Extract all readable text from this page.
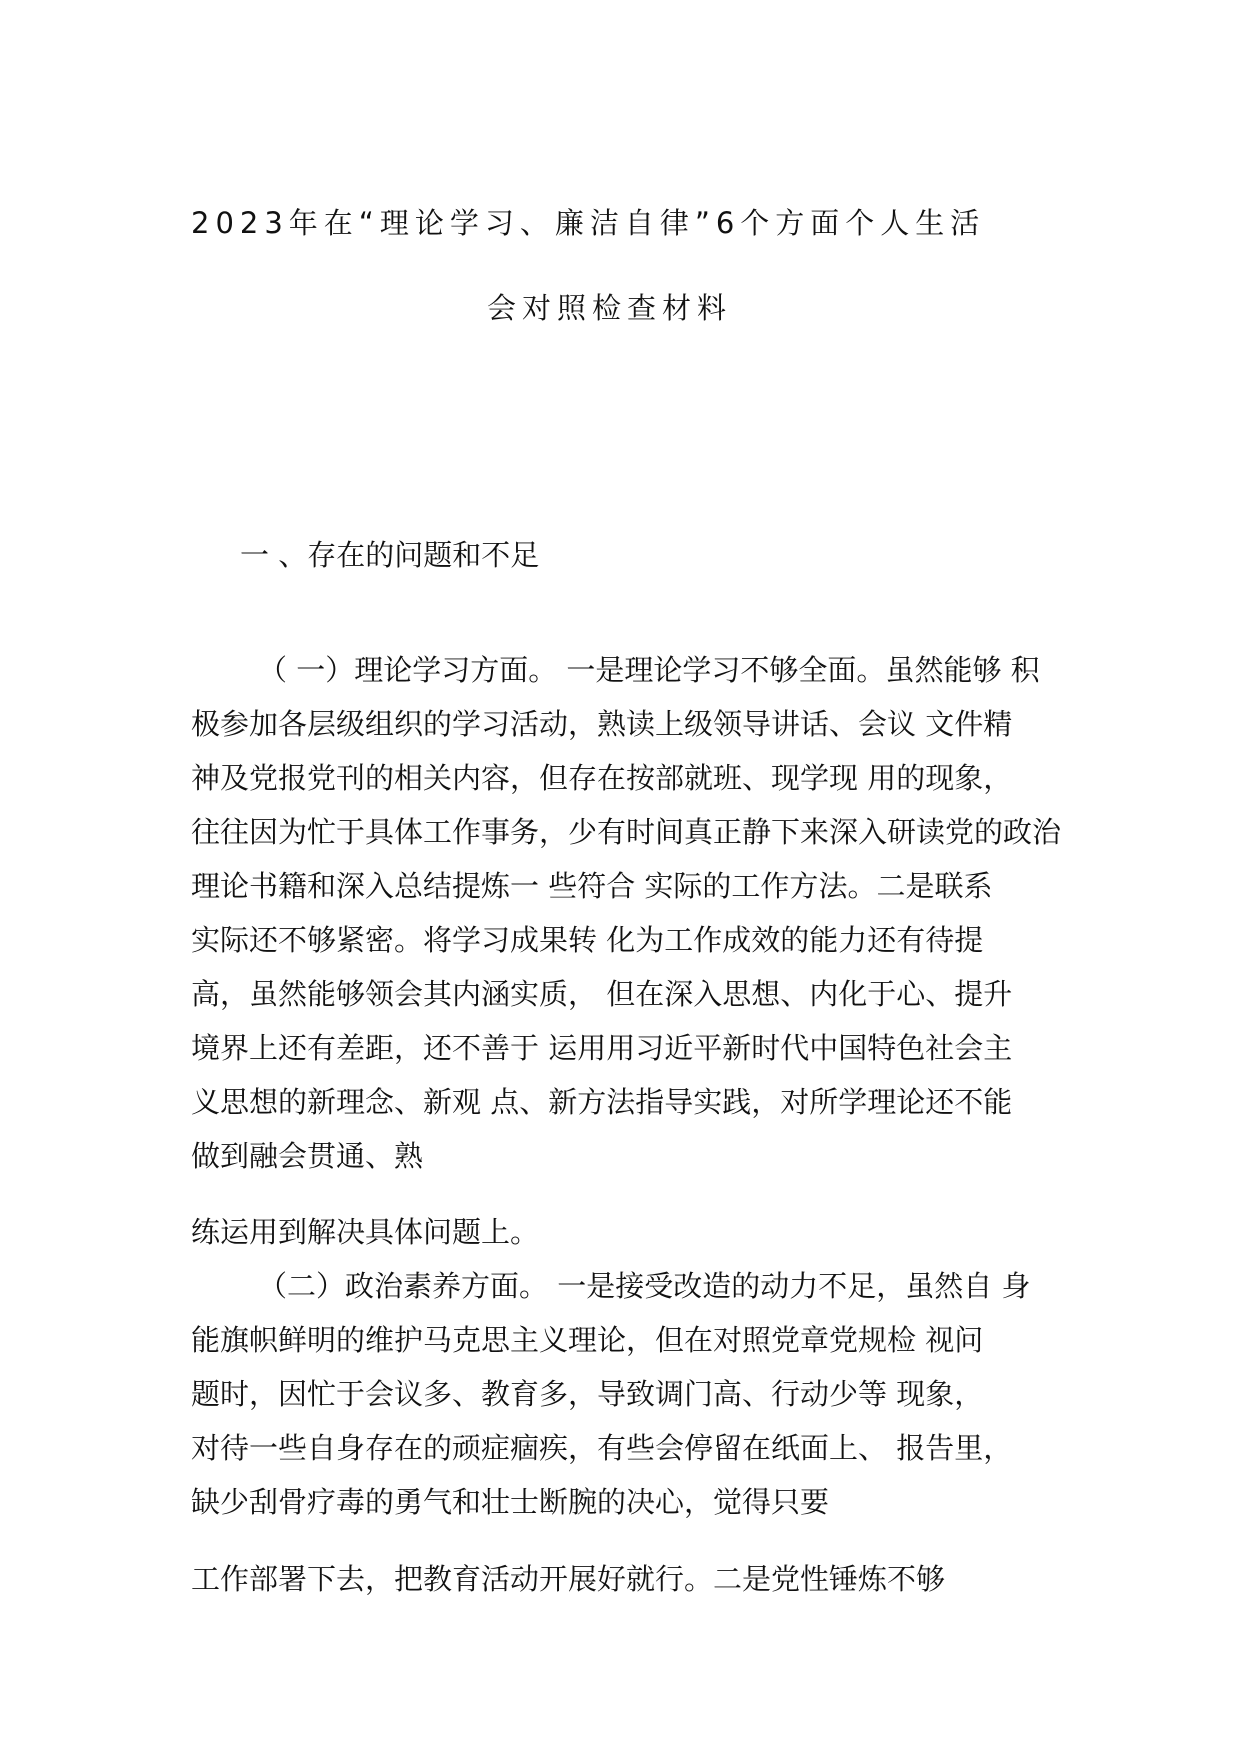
2023年在“理论学习、廉洁自律”6个方面个人生活
会对照检查材料
一 、存在的问题和不足
（ 一）理论学习方面。 一是理论学习不够全面。虽然能够 积
极参加各层级组织的学习活动，熟读上级领导讲话、会议 文件精
神及党报党刊的相关内容，但存在按部就班、现学现 用的现象，
往往因为忙于具体工作事务，少有时间真正静下来深入研读党的政治
理论书籍和深入总结提炼一 些符合 实际的工作方法。二是联系
实际还不够紧密。将学习成果转 化为工作成效的能力还有待提
高，虽然能够领会其内涵实质， 但在深入思想、内化于心、提升
境界上还有差距，还不善于 运用用习近平新时代中国特色社会主
义思想的新理念、新观 点、新方法指导实践，对所学理论还不能
做到融会贯通、熟
练运用到解决具体问题上。
（二）政治素养方面。 一是接受改造的动力不足，虽然自 身
能旗帜鲜明的维护马克思主义理论，但在对照党章党规检 视问
题时，因忙于会议多、教育多，导致调门高、行动少等 现象，
对待一些自身存在的顽症痼疾，有些会停留在纸面上、 报告里，
缺少刮骨疗毒的勇气和壮士断腕的决心，觉得只要
工作部署下去，把教育活动开展好就行。二是党性锤炼不够
